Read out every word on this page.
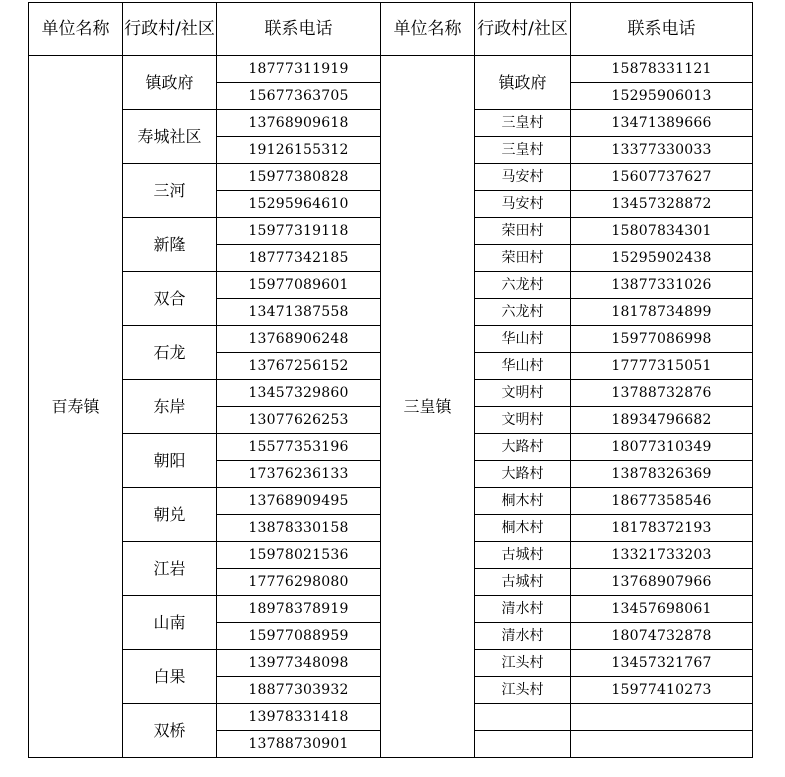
单位名称	行政村/社区	联系电话	单位名称	行政村/社区	联系电话
百寿镇	镇政府	18777311919	三皇镇	镇政府	15878331121
		15677363705			15295906013
	寿城社区	13768909618		三皇村	13471389666
		19126155312		三皇村	13377330033
	三河	15977380828		马安村	15607737627
		15295964610		马安村	13457328872
	新隆	15977319118		荣田村	15807834301
		18777342185		荣田村	15295902438
	双合	15977089601		六龙村	13877331026
		13471387558		六龙村	18178734899
	石龙	13768906248		华山村	15977086998
		13767256152		华山村	17777315051
	东岸	13457329860		文明村	13788732876
		13077626253		文明村	18934796682
	朝阳	15577353196		大路村	18077310349
		17376236133		大路村	13878326369
	朝兑	13768909495		桐木村	18677358546
		13878330158		桐木村	18178372193
	江岩	15978021536		古城村	13321733203
		17776298080		古城村	13768907966
	山南	18978378919		清水村	13457698061
		15977088959		清水村	18074732878
	白果	13977348098		江头村	13457321767
		18877303932		江头村	15977410273
	双桥	13978331418			
		13788730901			
